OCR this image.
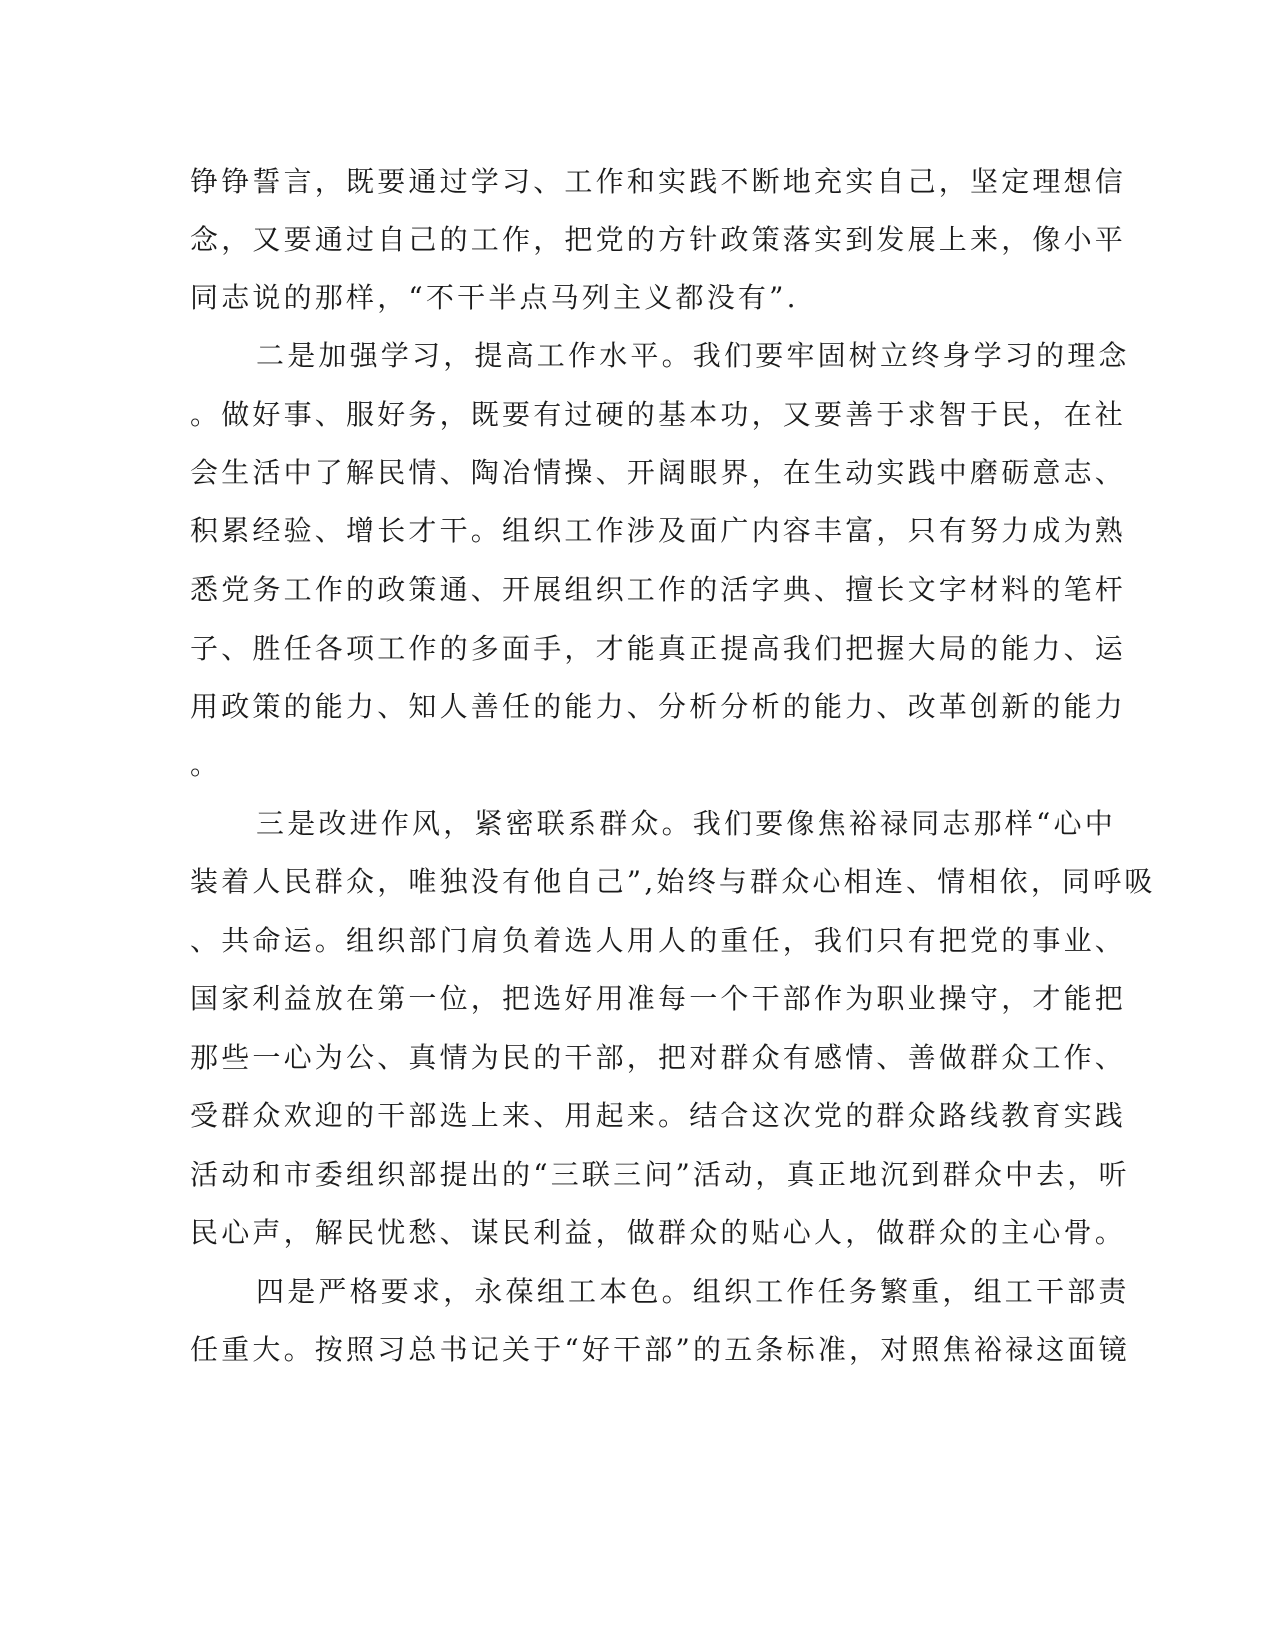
铮铮誓言，既要通过学习、工作和实践不断地充实自己，坚定理想信
念，又要通过自己的工作，把党的方针政策落实到发展上来，像小平
同志说的那样，“不干半点马列主义都没有”.
二是加强学习，提高工作水平。我们要牢固树立终身学习的理念
。做好事、服好务，既要有过硬的基本功，又要善于求智于民，在社
会生活中了解民情、陶冶情操、开阔眼界，在生动实践中磨砺意志、
积累经验、增长才干。组织工作涉及面广内容丰富，只有努力成为熟
悉党务工作的政策通、开展组织工作的活字典、擅长文字材料的笔杆
子、胜任各项工作的多面手，才能真正提高我们把握大局的能力、运
用政策的能力、知人善任的能力、分析分析的能力、改革创新的能力
。
三是改进作风，紧密联系群众。我们要像焦裕禄同志那样“心中
装着人民群众，唯独没有他自己”,始终与群众心相连、情相依，同呼吸
、共命运。组织部门肩负着选人用人的重任，我们只有把党的事业、
国家利益放在第一位，把选好用准每一个干部作为职业操守，才能把
那些一心为公、真情为民的干部，把对群众有感情、善做群众工作、
受群众欢迎的干部选上来、用起来。结合这次党的群众路线教育实践
活动和市委组织部提出的“三联三问”活动，真正地沉到群众中去，听
民心声，解民忧愁、谋民利益，做群众的贴心人，做群众的主心骨。
四是严格要求，永葆组工本色。组织工作任务繁重，组工干部责
任重大。按照习总书记关于“好干部”的五条标准，对照焦裕禄这面镜
